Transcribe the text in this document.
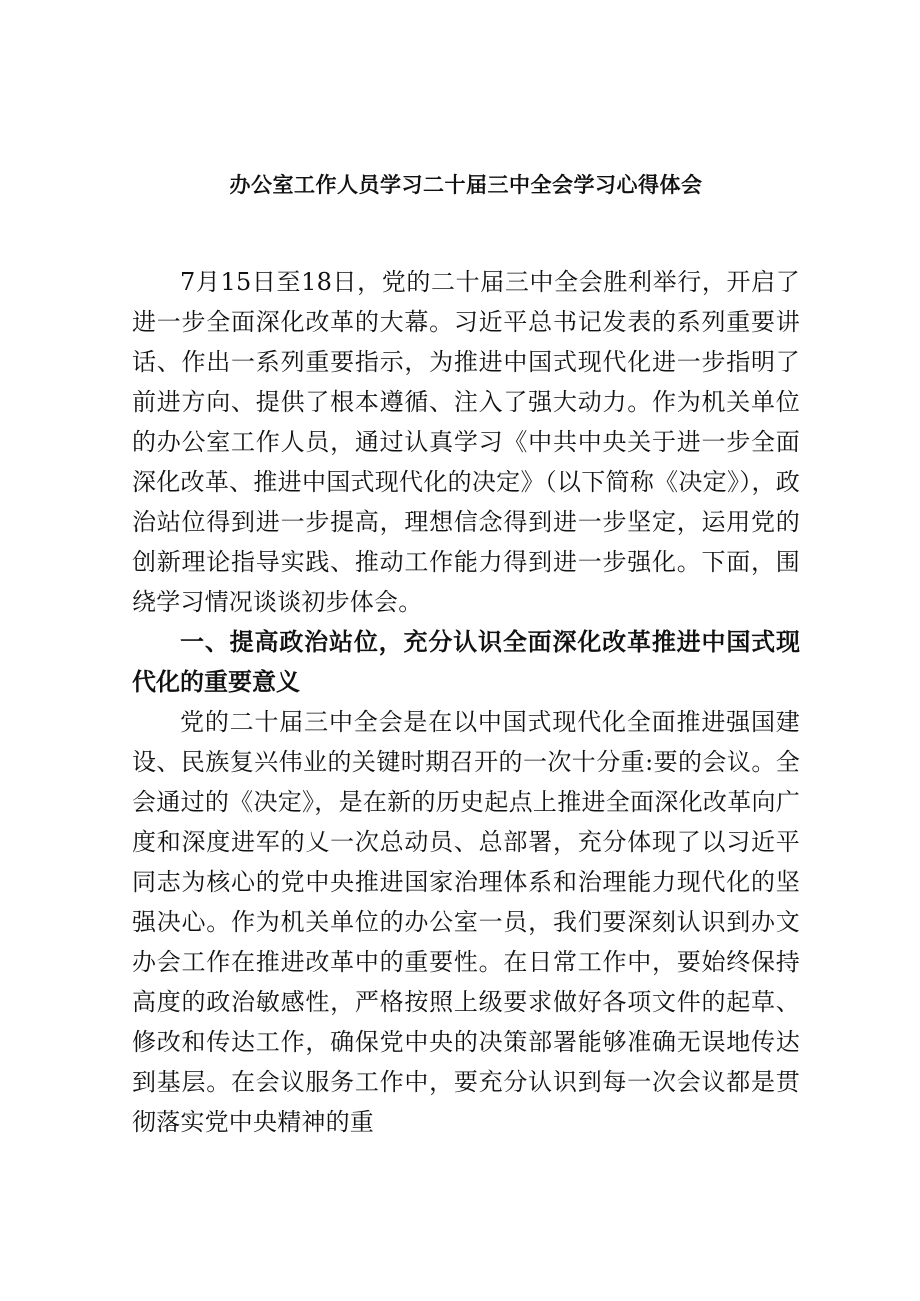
办公室工作人员学习二十届三中全会学习心得体会

7月15日至18日，党的二十届三中全会胜利举行，开启了进一步全面深化改革的大幕。习近平总书记发表的系列重要讲话、作出一系列重要指示，为推进中国式现代化进一步指明了前进方向、提供了根本遵循、注入了强大动力。作为机关单位的办公室工作人员，通过认真学习《中共中央关于进一步全面深化改革、推进中国式现代化的决定》（以下简称《决定》），政治站位得到进一步提高，理想信念得到进一步坚定，运用党的创新理论指导实践、推动工作能力得到进一步强化。下面，围绕学习情况谈谈初步体会。

一、提高政治站位，充分认识全面深化改革推进中国式现代化的重要意义

党的二十届三中全会是在以中国式现代化全面推进强国建设、民族复兴伟业的关键时期召开的一次十分重:要的会议。全会通过的《决定》，是在新的历史起点上推进全面深化改革向广度和深度进军的乂一次总动员、总部署，充分体现了以习近平同志为核心的党中央推进国家治理体系和治理能力现代化的坚强决心。作为机关单位的办公室一员，我们要深刻认识到办文办会工作在推进改革中的重要性。在日常工作中，要始终保持高度的政治敏感性，严格按照上级要求做好各项文件的起草、修改和传达工作，确保党中央的决策部署能够准确无误地传达到基层。在会议服务工作中，要充分认识到每一次会议都是贯彻落实党中央精神的重
